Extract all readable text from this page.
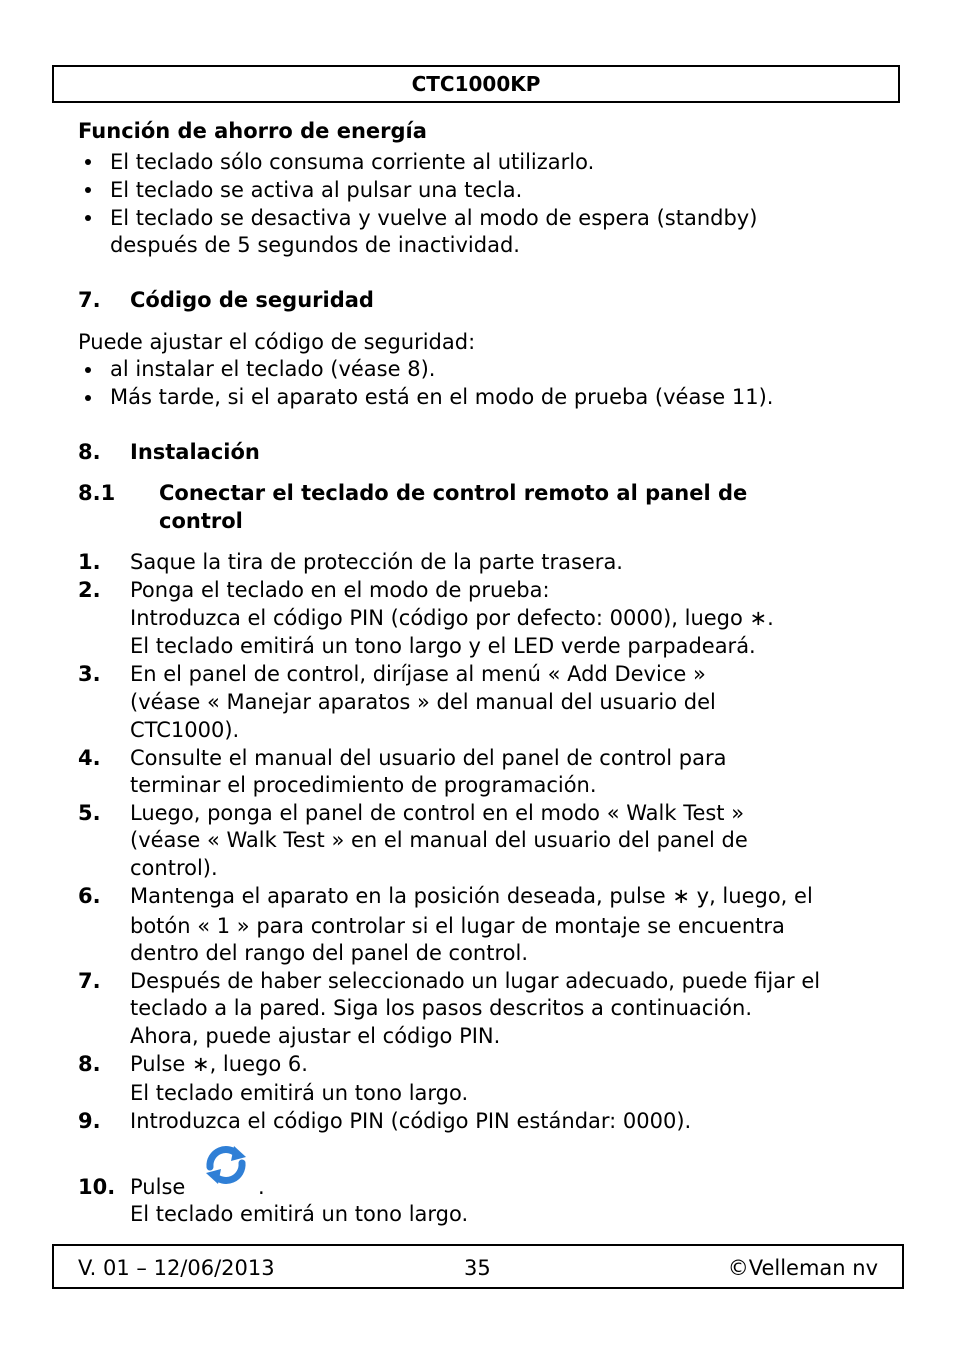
CTC1000KP
Función de ahorro de energía
El teclado sólo consuma corriente al utilizarlo.
El teclado se activa al pulsar una tecla.
El teclado se desactiva y vuelve al modo de espera (standby)
después de 5 segundos de inactividad.
7. Código de seguridad
Puede ajustar el código de seguridad:
al instalar el teclado (véase 8).
Más tarde, si el aparato está en el modo de prueba (véase 11).
8. Instalación
8.1 Conectar el teclado de control remoto al panel de
control
1. Saque la tira de protección de la parte trasera.
2. Ponga el teclado en el modo de prueba:
Introduzca el código PIN (código por defecto: 0000), luego ∗.
El teclado emitirá un tono largo y el LED verde parpadeará.
3. En el panel de control, diríjase al menú « Add Device »
(véase « Manejar aparatos » del manual del usuario del
CTC1000).
4. Consulte el manual del usuario del panel de control para
terminar el procedimiento de programación.
5. Luego, ponga el panel de control en el modo « Walk Test »
(véase « Walk Test » en el manual del usuario del panel de
control).
6. Mantenga el aparato en la posición deseada, pulse ∗ y, luego, el
botón « 1 » para controlar si el lugar de montaje se encuentra
dentro del rango del panel de control.
7. Después de haber seleccionado un lugar adecuado, puede fijar el
teclado a la pared. Siga los pasos descritos a continuación.
Ahora, puede ajustar el código PIN.
8. Pulse ∗, luego 6.
El teclado emitirá un tono largo.
9. Introduzca el código PIN (código PIN estándar: 0000).
10. Pulse	.
El teclado emitirá un tono largo.
V. 01 – 12/06/2013	35	©Velleman nv
